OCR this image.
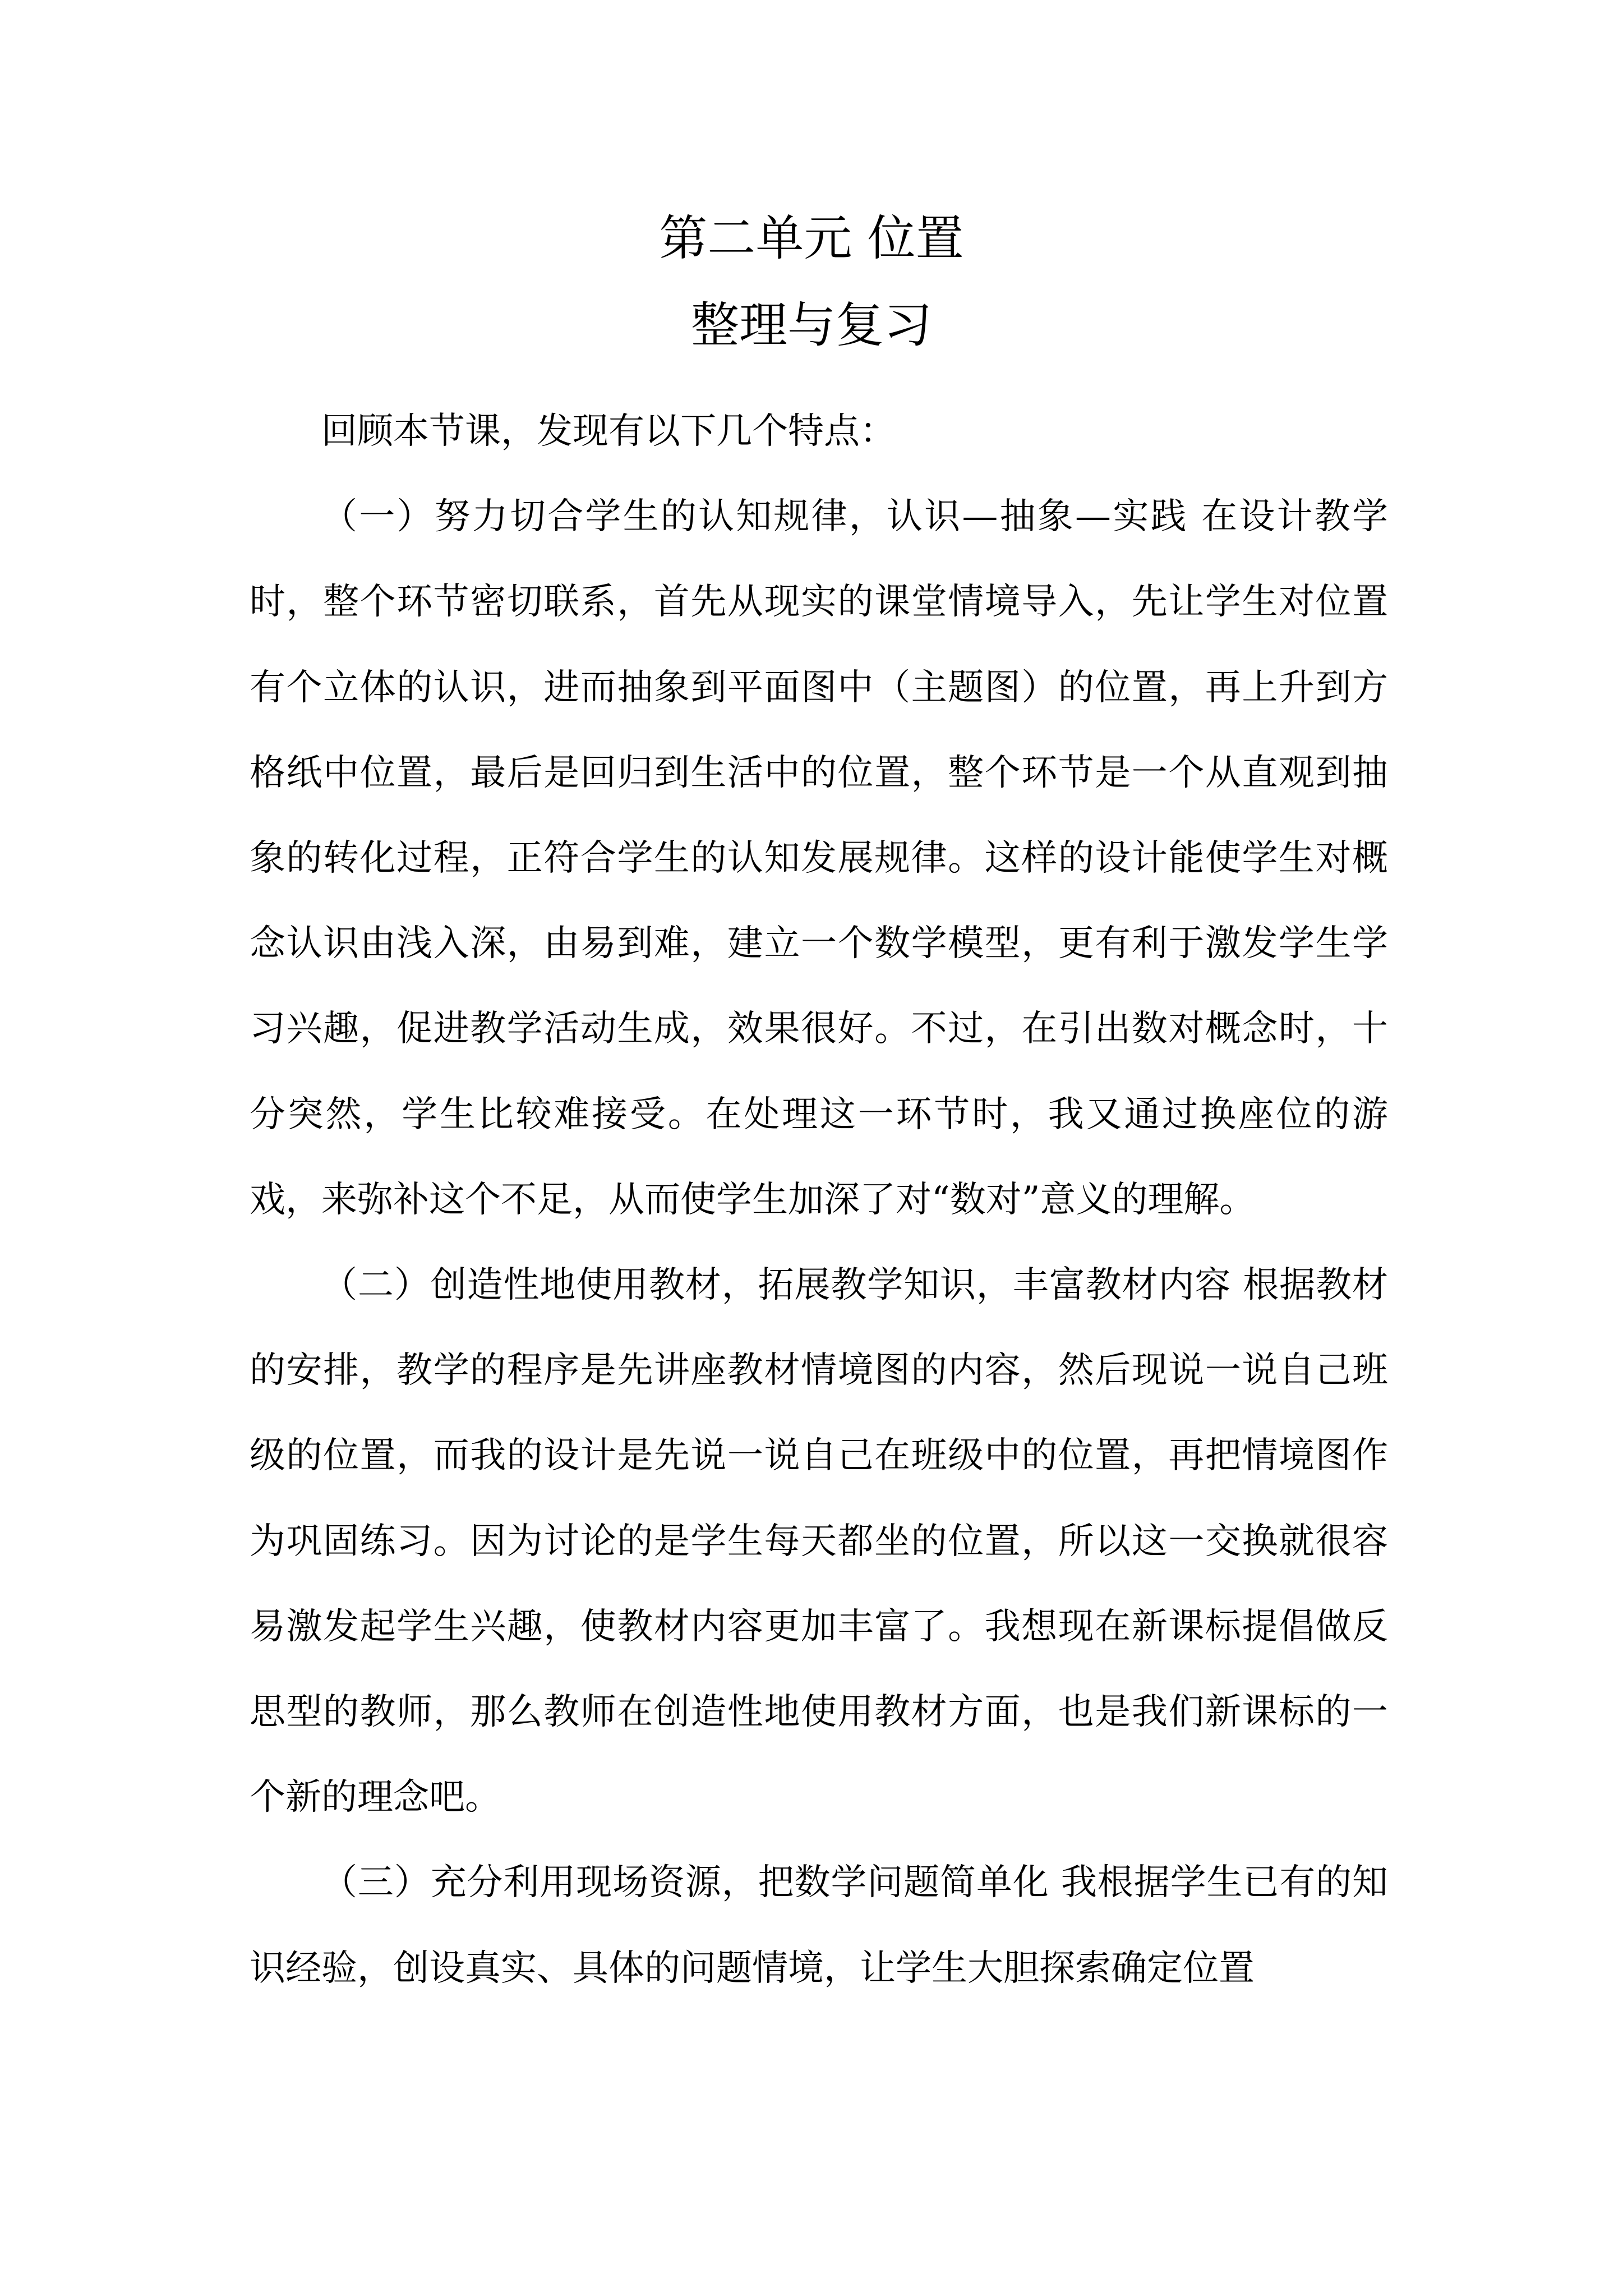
第二单元 位置
整理与复习

回顾本节课，发现有以下几个特点：

（一）努力切合学生的认知规律，认识—抽象—实践 在设计教学时，整个环节密切联系，首先从现实的课堂情境导入，先让学生对位置有个立体的认识，进而抽象到平面图中（主题图）的位置，再上升到方格纸中位置，最后是回归到生活中的位置，整个环节是一个从直观到抽象的转化过程，正符合学生的认知发展规律。这样的设计能使学生对概念认识由浅入深，由易到难，建立一个数学模型，更有利于激发学生学习兴趣，促进教学活动生成，效果很好。不过，在引出数对概念时，十分突然，学生比较难接受。在处理这一环节时，我又通过换座位的游戏，来弥补这个不足，从而使学生加深了对“数对”意义的理解。

（二）创造性地使用教材，拓展教学知识，丰富教材内容 根据教材的安排，教学的程序是先讲座教材情境图的内容，然后现说一说自己班级的位置，而我的设计是先说一说自己在班级中的位置，再把情境图作为巩固练习。因为讨论的是学生每天都坐的位置，所以这一交换就很容易激发起学生兴趣，使教材内容更加丰富了。我想现在新课标提倡做反思型的教师，那么教师在创造性地使用教材方面，也是我们新课标的一个新的理念吧。

（三）充分利用现场资源，把数学问题简单化 我根据学生已有的知识经验，创设真实、具体的问题情境，让学生大胆探索确定位置
